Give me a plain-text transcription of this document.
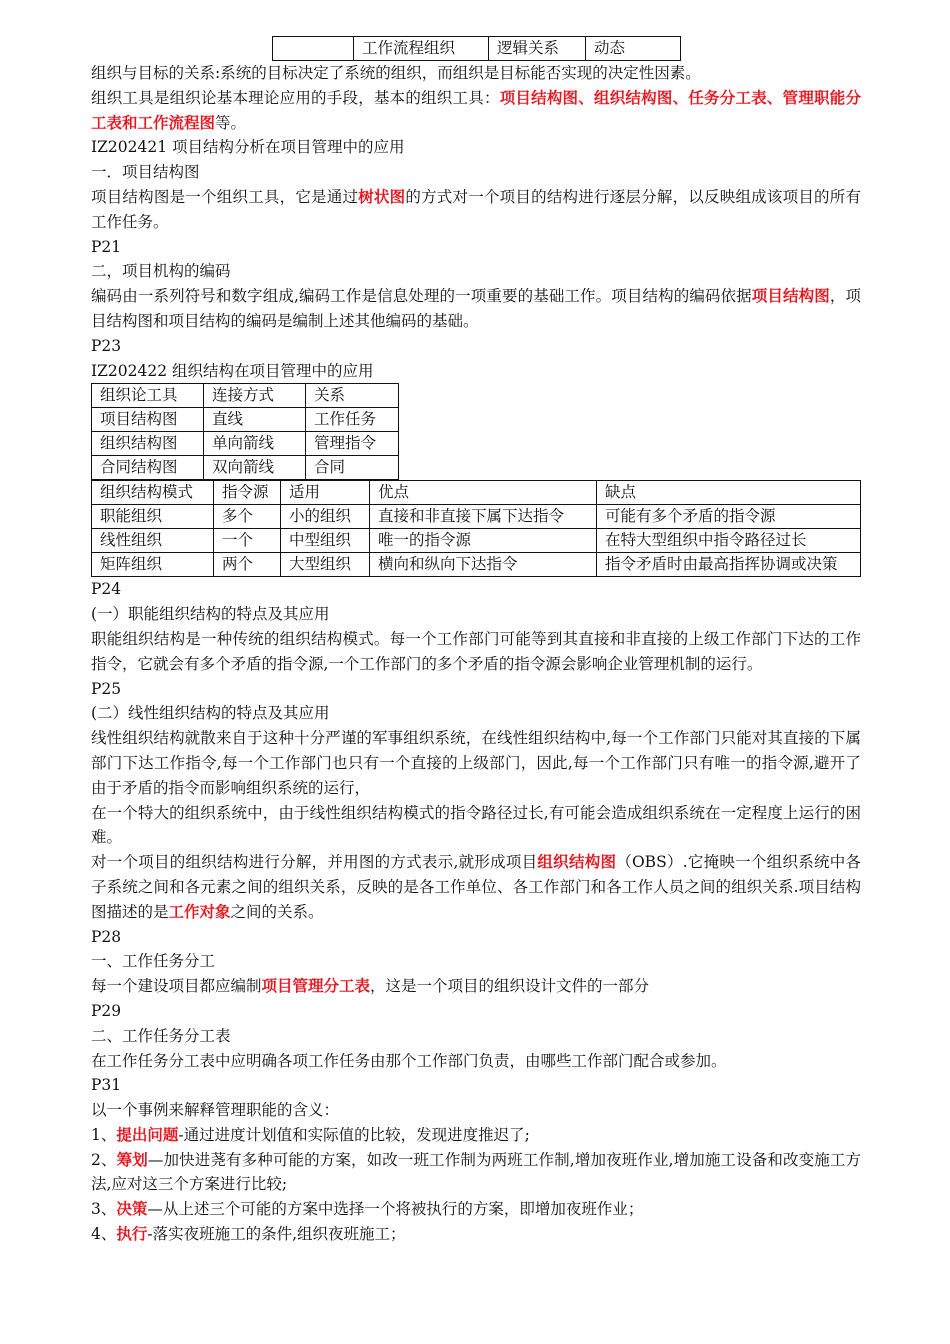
	工作流程组织	逻辑关系	动态
组织与目标的关系:系统的目标决定了系统的组织，而组织是目标能否实现的决定性因素。
组织工具是组织论基本理论应用的手段，基本的组织工具：项目结构图、组织结构图、任务分工表、管理职能分工表和工作流程图等。
IZ202421 项目结构分析在项目管理中的应用
一．项目结构图
项目结构图是一个组织工具，它是通过树状图的方式对一个项目的结构进行逐层分解，以反映组成该项目的所有工作任务。
P21
二，项目机构的编码
编码由一系列符号和数字组成,编码工作是信息处理的一项重要的基础工作。项目结构的编码依据项目结构图，项目结构图和项目结构的编码是编制上述其他编码的基础。
P23
IZ202422 组织结构在项目管理中的应用
组织论工具	连接方式	关系
项目结构图	直线	工作任务
组织结构图	单向箭线	管理指令
合同结构图	双向箭线	合同
组织结构模式	指令源	适用	优点	缺点
职能组织	多个	小的组织	直接和非直接下属下达指令	可能有多个矛盾的指令源
线性组织	一个	中型组织	唯一的指令源	在特大型组织中指令路径过长
矩阵组织	两个	大型组织	横向和纵向下达指令	指令矛盾时由最高指挥协调或决策
P24
(一）职能组织结构的特点及其应用
职能组织结构是一种传统的组织结构模式。每一个工作部门可能等到其直接和非直接的上级工作部门下达的工作指令，它就会有多个矛盾的指令源,一个工作部门的多个矛盾的指令源会影响企业管理机制的运行。
P25
(二）线性组织结构的特点及其应用
线性组织结构就散来自于这种十分严谨的军事组织系统，在线性组织结构中,每一个工作部门只能对其直接的下属部门下达工作指令,每一个工作部门也只有一个直接的上级部门，因此,每一个工作部门只有唯一的指令源,避开了由于矛盾的指令而影响组织系统的运行，
在一个特大的组织系统中，由于线性组织结构模式的指令路径过长,有可能会造成组织系统在一定程度上运行的困难。
对一个项目的组织结构进行分解，并用图的方式表示,就形成项目组织结构图（OBS）.它掩映一个组织系统中各子系统之间和各元素之间的组织关系，反映的是各工作单位、各工作部门和各工作人员之间的组织关系.项目结构图描述的是工作对象之间的关系。
P28
一、工作任务分工
每一个建设项目都应编制项目管理分工表，这是一个项目的组织设计文件的一部分
P29
二、工作任务分工表
在工作任务分工表中应明确各项工作任务由那个工作部门负责，由哪些工作部门配合或参加。
P31
以一个事例来解释管理职能的含义：
1、提出问题-通过进度计划值和实际值的比较，发现进度推迟了;
2、筹划—加快进荛有多种可能的方案，如改一班工作制为两班工作制,增加夜班作业,增加施工设备和改变施工方法,应对这三个方案进行比较;
3、决策—从上述三个可能的方案中选择一个将被执行的方案，即增加夜班作业；
4、执行-落实夜班施工的条件,组织夜班施工；
